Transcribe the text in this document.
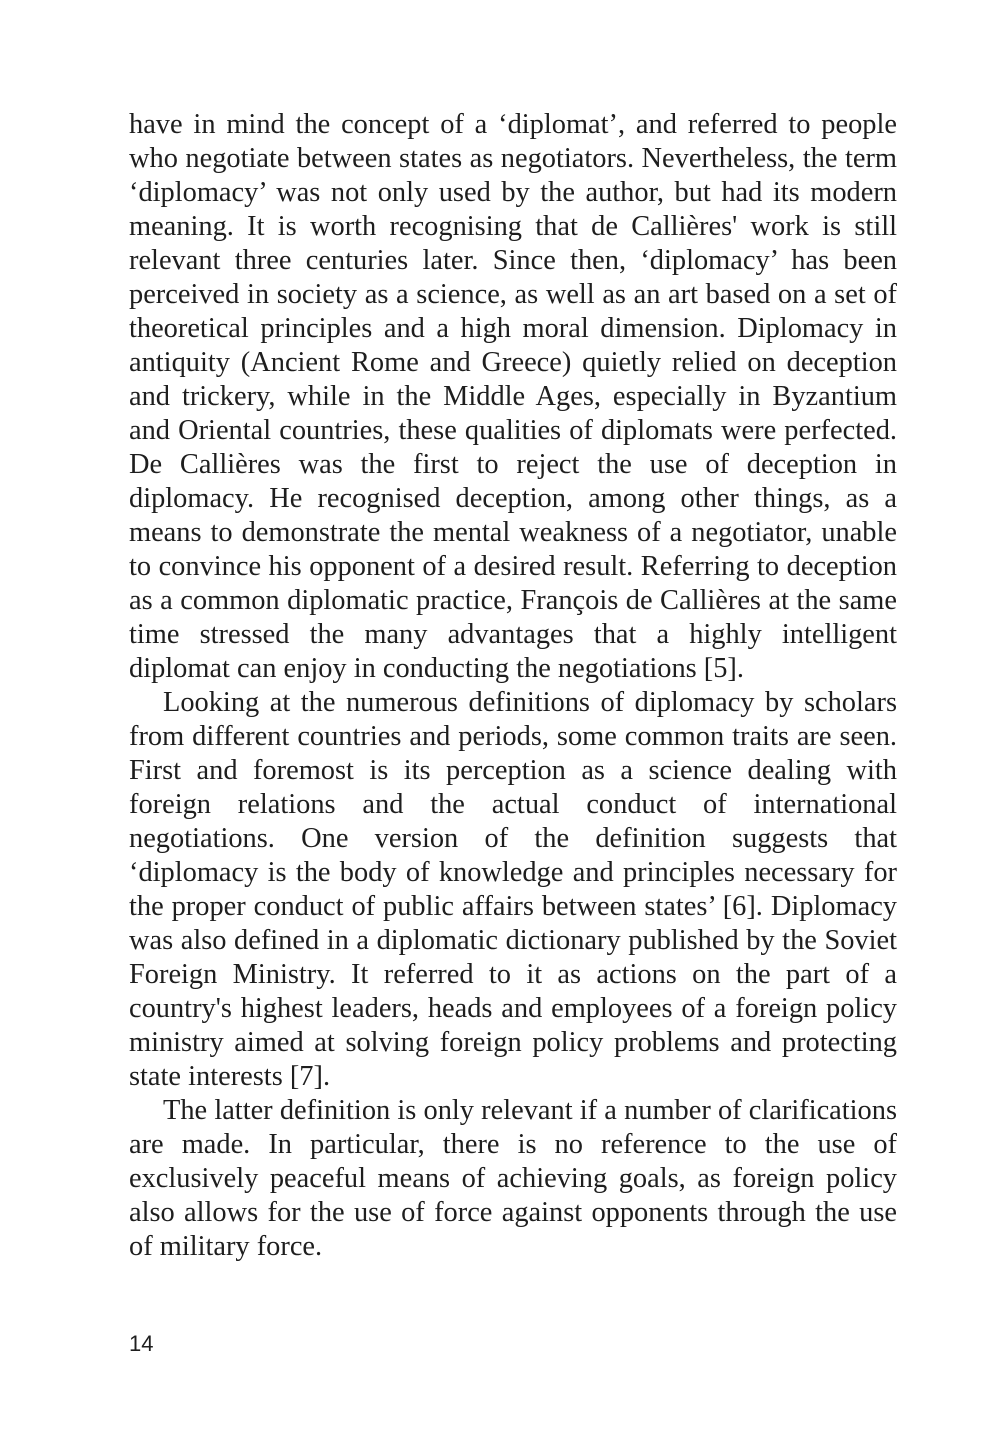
have in mind the concept of a ‘diplomat’, and referred to people who negotiate between states as negotiators. Nevertheless, the term ‘diplomacy’ was not only used by the author, but had its modern meaning. It is worth recognising that de Callières' work is still relevant three centuries later. Since then, ‘diplomacy’ has been perceived in society as a science, as well as an art based on a set of theoretical principles and a high moral dimension. Diplomacy in antiquity (Ancient Rome and Greece) quietly relied on deception and trickery, while in the Middle Ages, especially in Byzantium and Oriental countries, these qualities of diplomats were perfected. De Callières was the first to reject the use of deception in diplomacy. He recognised deception, among other things, as a means to demonstrate the mental weakness of a negotiator, unable to convince his opponent of a desired result. Referring to deception as a common diplomatic practice, François de Callières at the same time stressed the many advantages that a highly intelligent diplomat can enjoy in conducting the negotiations [5].

Looking at the numerous definitions of diplomacy by scholars from different countries and periods, some common traits are seen. First and foremost is its perception as a science dealing with foreign relations and the actual conduct of international negotiations. One version of the definition suggests that ‘diplomacy is the body of knowledge and principles necessary for the proper conduct of public affairs between states’ [6]. Diplomacy was also defined in a diplomatic dictionary published by the Soviet Foreign Ministry. It referred to it as actions on the part of a country's highest leaders, heads and employees of a foreign policy ministry aimed at solving foreign policy problems and protecting state interests [7].

The latter definition is only relevant if a number of clarifications are made. In particular, there is no reference to the use of exclusively peaceful means of achieving goals, as foreign policy also allows for the use of force against opponents through the use of military force.

14
